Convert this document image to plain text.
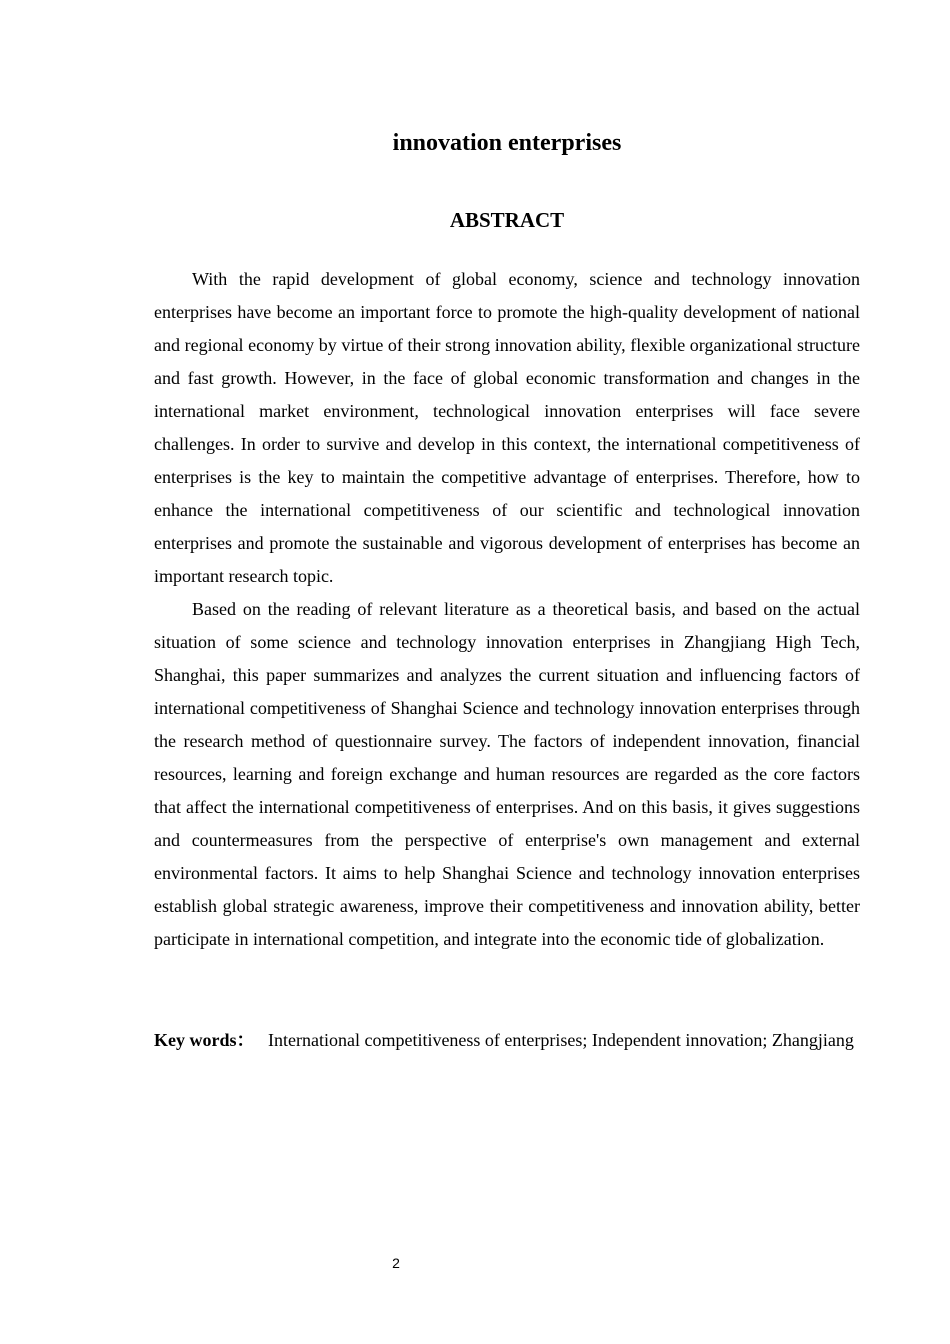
innovation enterprises
ABSTRACT

With the rapid development of global economy, science and technology innovation enterprises have become an important force to promote the high-quality development of national and regional economy by virtue of their strong innovation ability, flexible organizational structure and fast growth. However, in the face of global economic transformation and changes in the international market environment, technological innovation enterprises will face severe challenges. In order to survive and develop in this context, the international competitiveness of enterprises is the key to maintain the competitive advantage of enterprises. Therefore, how to enhance the international competitiveness of our scientific and technological innovation enterprises and promote the sustainable and vigorous development of enterprises has become an important research topic.

Based on the reading of relevant literature as a theoretical basis, and based on the actual situation of some science and technology innovation enterprises in Zhangjiang High Tech, Shanghai, this paper summarizes and analyzes the current situation and influencing factors of international competitiveness of Shanghai Science and technology innovation enterprises through the research method of questionnaire survey. The factors of independent innovation, financial resources, learning and foreign exchange and human resources are regarded as the core factors that affect the international competitiveness of enterprises. And on this basis, it gives suggestions and countermeasures from the perspective of enterprise's own management and external environmental factors. It aims to help Shanghai Science and technology innovation enterprises establish global strategic awareness, improve their competitiveness and innovation ability, better participate in international competition, and integrate into the economic tide of globalization.

Key words： International competitiveness of enterprises; Independent innovation; Zhangjiang

2
